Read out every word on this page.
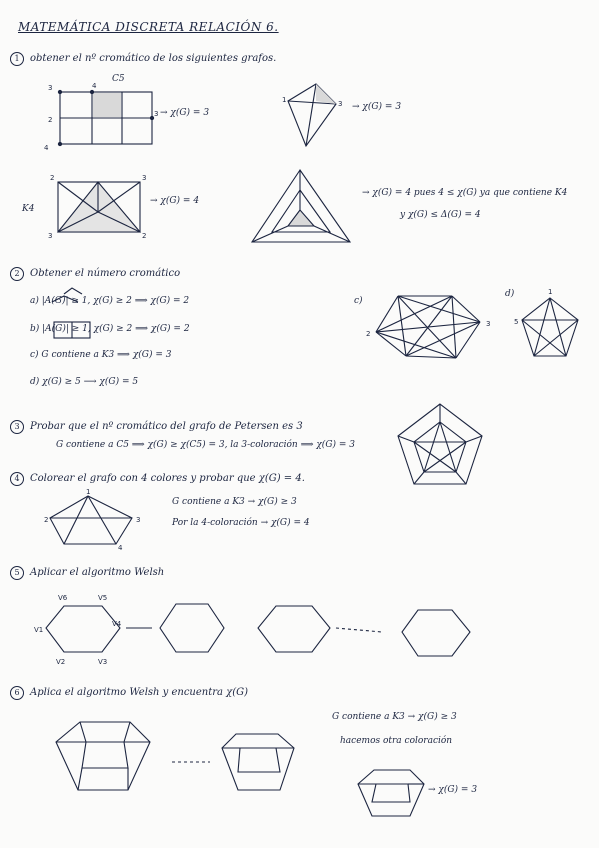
MATEMÁTICA DISCRETA RELACIÓN 6.
1 obtener el nº cromático de los siguientes grafos.
→ χ(G) = 3
→ χ(G) = 3
→ χ(G) = 4
→ χ(G) = 4 pues 4 ≤ χ(G) ya que contiene K4
y χ(G) ≤ Δ(G) = 4
C5
K4
2 Obtener el número cromático
a) |A(G)| ≥ 1, χ(G) ≥ 2 ⟹ χ(G) = 2
b) |A(G)| ≥ 1, χ(G) ≥ 2 ⟹ χ(G) = 2
c) G contiene a K3 ⟹ χ(G) = 3
d) χ(G) ≥ 5 ⟶ χ(G) = 5
c)
d)
3 Probar que el nº cromático del grafo de Petersen es 3
G contiene a C5 ⟹ χ(G) ≥ χ(C5) = 3, la 3-coloración ⟹ χ(G) = 3
4 Colorear el grafo con 4 colores y probar que χ(G) = 4.
G contiene a K3 → χ(G) ≥ 3
Por la 4-coloración → χ(G) = 4
5 Aplicar el algoritmo Welsh
6 Aplica el algoritmo Welsh y encuentra χ(G)
G contiene a K3 → χ(G) ≥ 3
hacemos otra coloración
→ χ(G) = 3
3	4
2
3
4
1	3
2	3
3	2
2
3	5
1
2
1
3
4
V6	V5
V1
V4
V2	V3
